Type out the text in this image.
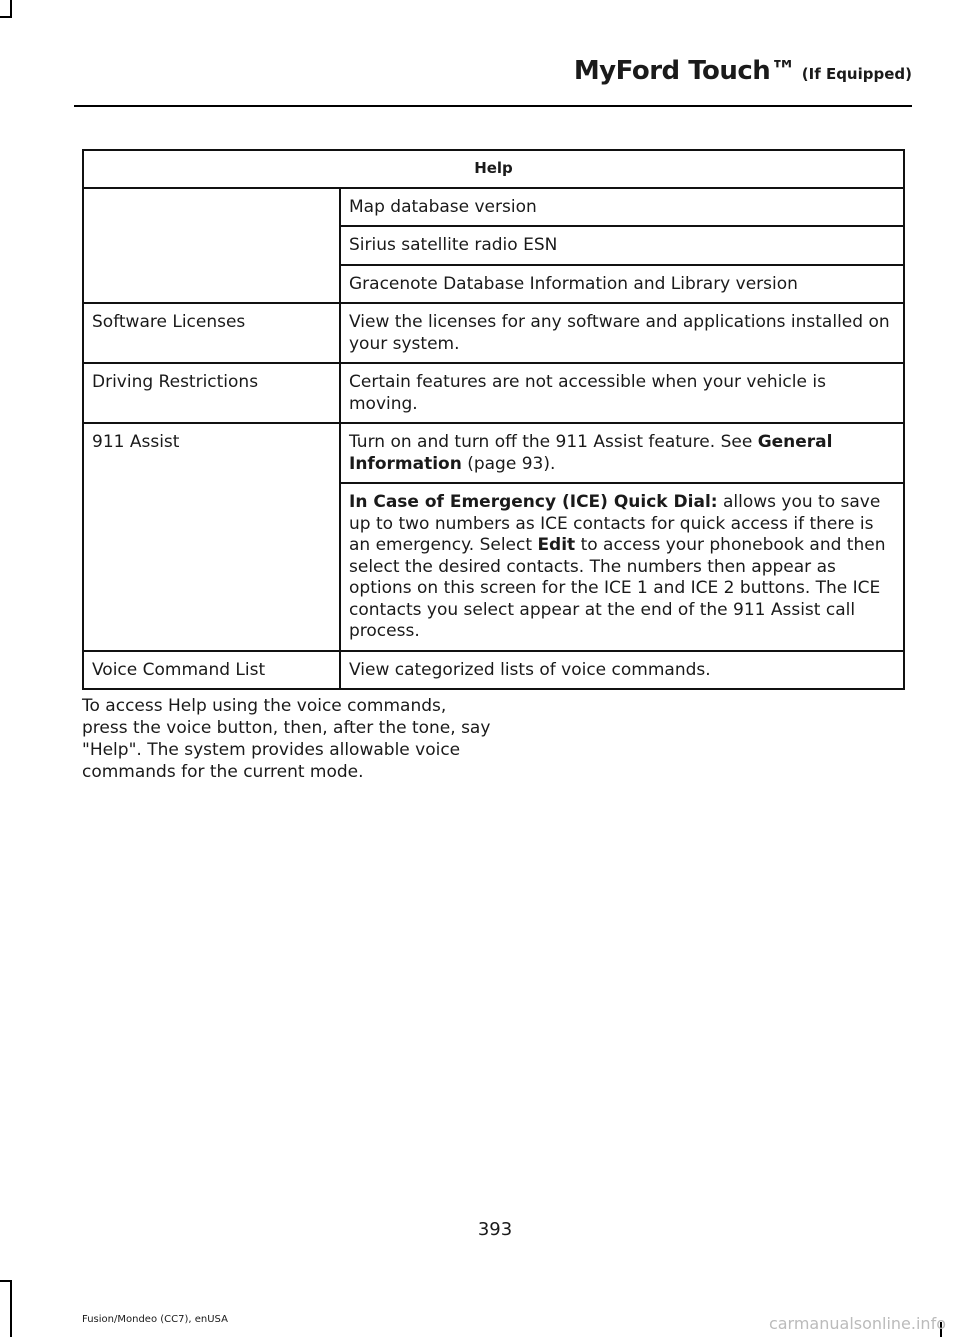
MyFord Touch™ (If Equipped)
Help	
	Map database version
	Sirius satellite radio ESN
	Gracenote Database Information and Library version
Software Licenses	View the licenses for any software and applications installed on your system.
Driving Restrictions	Certain features are not accessible when your vehicle is moving.
911 Assist	Turn on and turn off the 911 Assist feature. See General Information (page 93).
	In Case of Emergency (ICE) Quick Dial: allows you to save up to two numbers as ICE contacts for quick access if there is an emergency. Select Edit to access your phonebook and then select the desired contacts. The numbers then appear as options on this screen for the ICE 1 and ICE 2 buttons. The ICE contacts you select appear at the end of the 911 Assist call process.
Voice Command List	View categorized lists of voice commands.

To access Help using the voice commands, press the voice button, then, after the tone, say "Help". The system provides allowable voice commands for the current mode.

393
Fusion/Mondeo (CC7), enUSA	carmanualsonline.info
